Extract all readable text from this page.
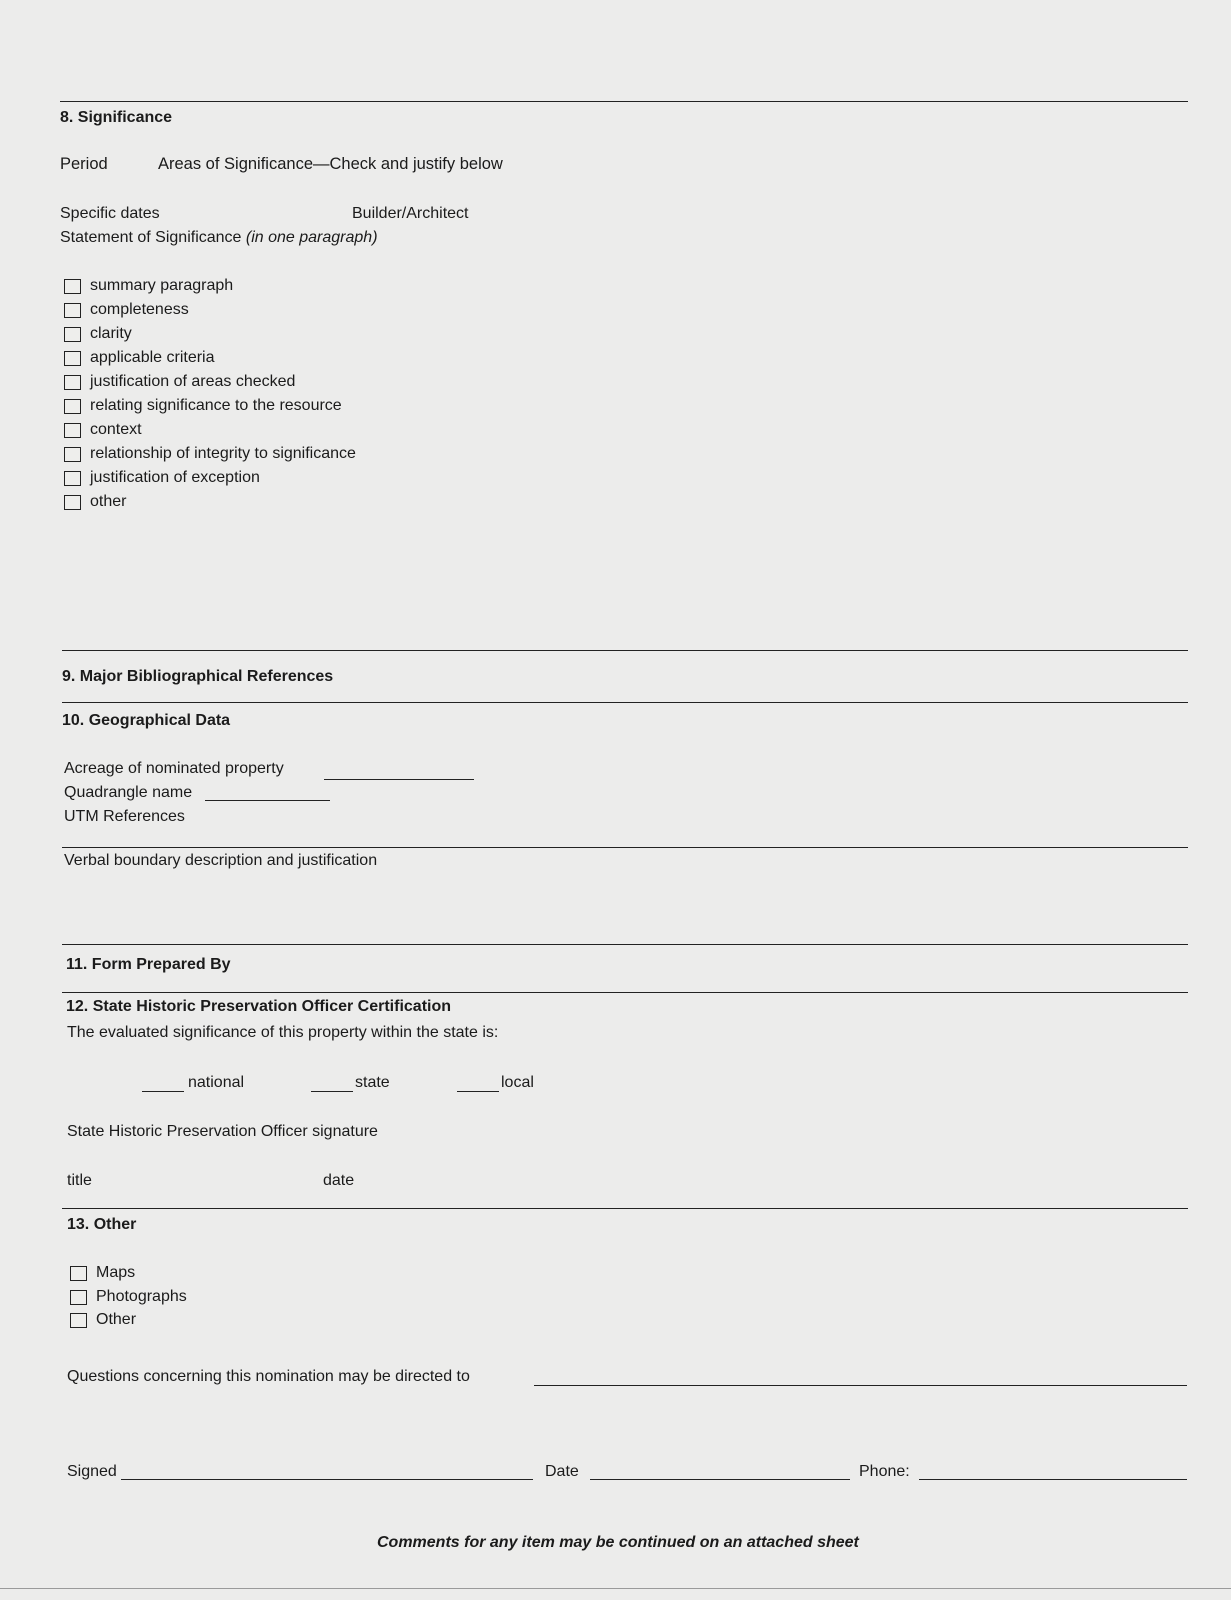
8. Significance
Period	Areas of Significance—Check and justify below
Specific dates	Builder/Architect
Statement of Significance (in one paragraph)
summary paragraph
completeness
clarity
applicable criteria
justification of areas checked
relating significance to the resource
context
relationship of integrity to significance
justification of exception
other
9. Major Bibliographical References
10. Geographical Data
Acreage of nominated property
Quadrangle name
UTM References
Verbal boundary description and justification
11. Form Prepared By
12. State Historic Preservation Officer Certification
The evaluated significance of this property within the state is:
national	state	local
State Historic Preservation Officer signature
title	date
13. Other
Maps
Photographs
Other
Questions concerning this nomination may be directed to
Signed	Date	Phone:
Comments for any item may be continued on an attached sheet
